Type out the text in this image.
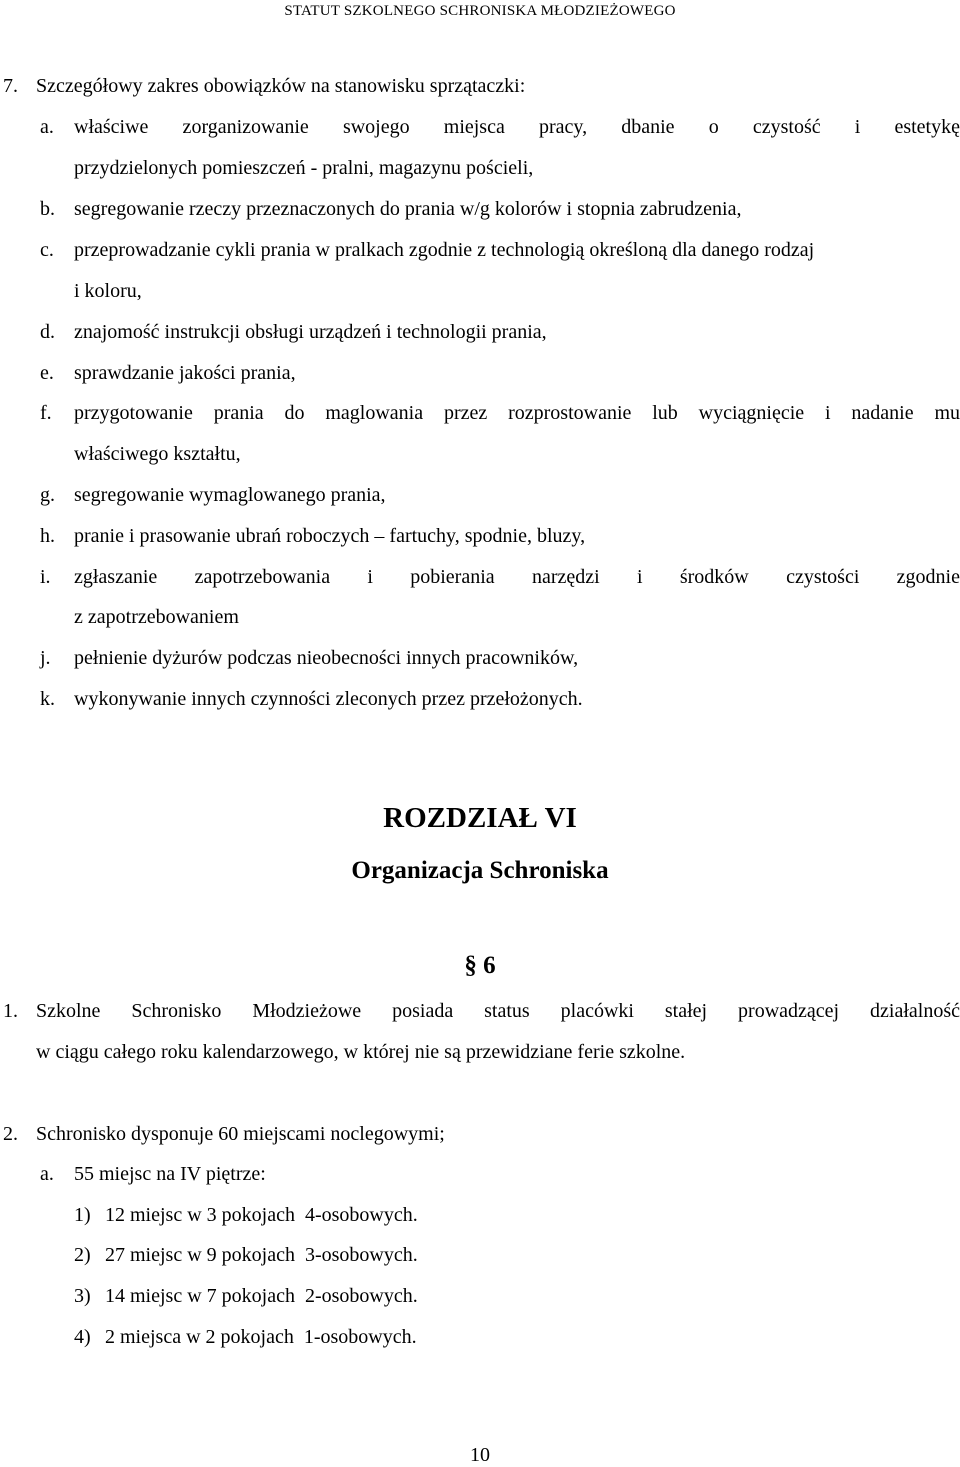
STATUT SZKOLNEGO SCHRONISKA MŁODZIEŻOWEGO
7. Szczegółowy zakres obowiązków na stanowisku sprzątaczki:
a. właściwe zorganizowanie swojego miejsca pracy, dbanie o czystość i estetykę
przydzielonych pomieszczeń - pralni, magazynu pościeli,
b. segregowanie rzeczy przeznaczonych do prania w/g kolorów i stopnia zabrudzenia,
c. przeprowadzanie cykli prania w pralkach zgodnie z technologią określoną dla danego rodzaj
i koloru,
d. znajomość instrukcji obsługi urządzeń i technologii prania,
e. sprawdzanie jakości prania,
f. przygotowanie prania do maglowania przez rozprostowanie lub wyciągnięcie i nadanie mu
właściwego kształtu,
g. segregowanie wymaglowanego prania,
h. pranie i prasowanie ubrań roboczych – fartuchy, spodnie, bluzy,
i. zgłaszanie zapotrzebowania i pobierania narzędzi i środków czystości zgodnie
z zapotrzebowaniem
j. pełnienie dyżurów podczas nieobecności innych pracowników,
k. wykonywanie innych czynności zleconych przez przełożonych.
ROZDZIAŁ VI
Organizacja Schroniska
§ 6
1. Szkolne Schronisko Młodzieżowe posiada status placówki stałej prowadzącej działalność
w ciągu całego roku kalendarzowego, w której nie są przewidziane ferie szkolne.
2. Schronisko dysponuje 60 miejscami noclegowymi;
a. 55 miejsc na IV piętrze:
1) 12 miejsc w 3 pokojach  4-osobowych.
2) 27 miejsc w 9 pokojach  3-osobowych.
3) 14 miejsc w 7 pokojach  2-osobowych.
4) 2 miejsca w 2 pokojach  1-osobowych.
10
